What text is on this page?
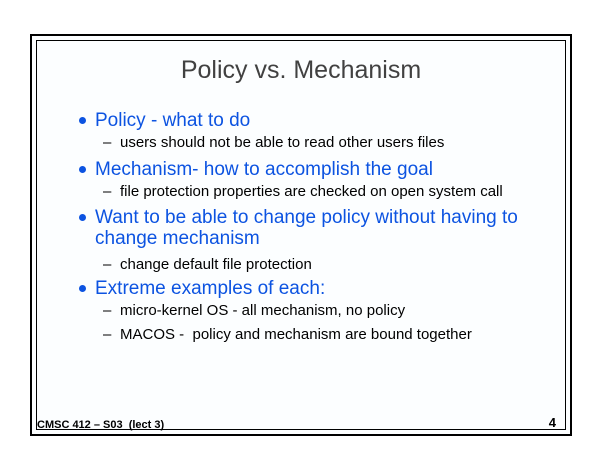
Policy vs. Mechanism
Policy - what to do
– users should not be able to read other users files
Mechanism- how to accomplish the goal
– file protection properties are checked on open system call
Want to be able to change policy without having to change mechanism
– change default file protection
Extreme examples of each:
– micro-kernel OS - all mechanism, no policy
– MACOS -  policy and mechanism are bound together
CMSC 412 – S03  (lect 3)	4
